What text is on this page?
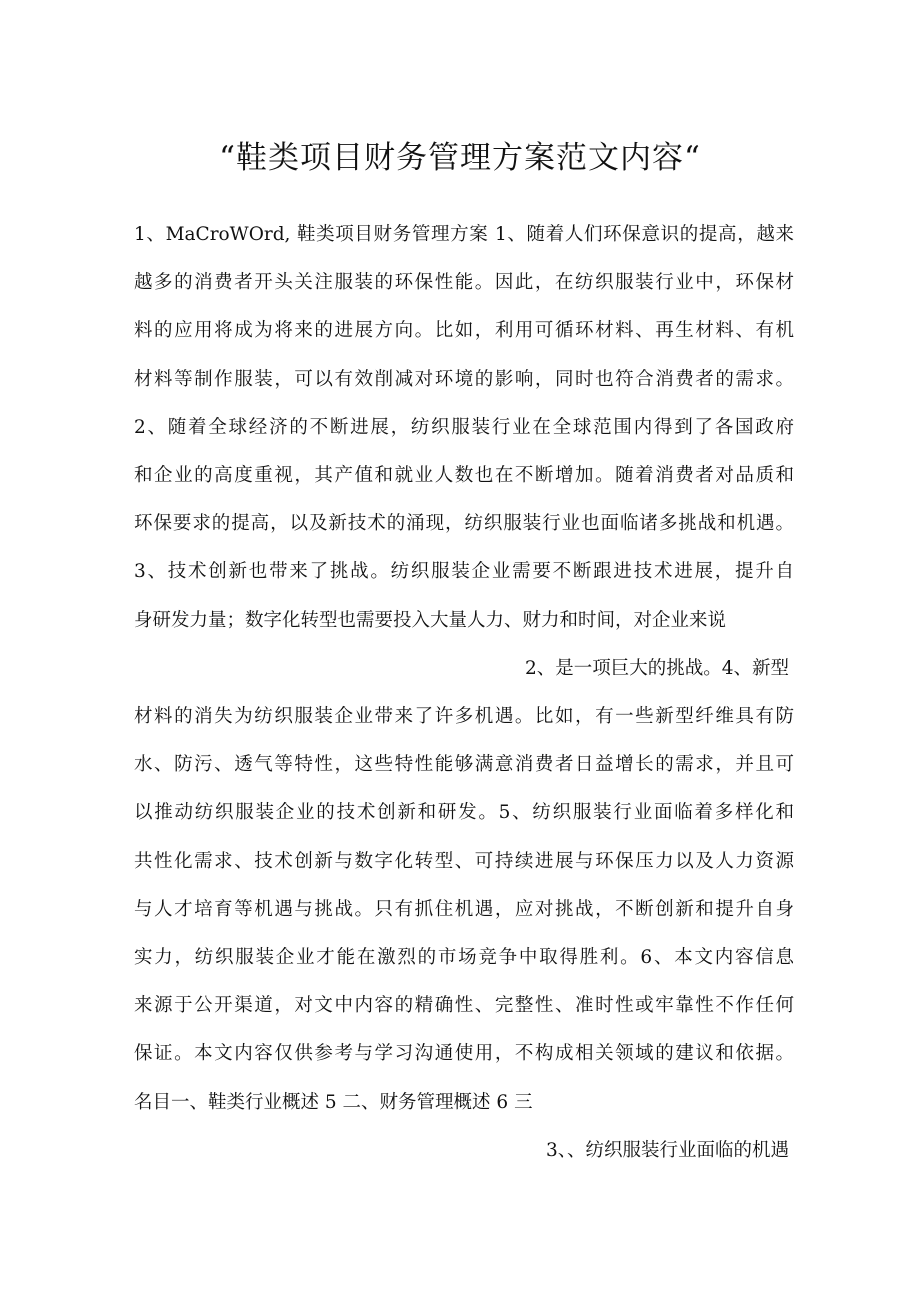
“鞋类项目财务管理方案范文内容“
1、MaCroWOrd, 鞋类项目财务管理方案 1、随着人们环保意识的提高，越来
越多的消费者开头关注服装的环保性能。因此，在纺织服装行业中，环保材
料的应用将成为将来的进展方向。比如，利用可循环材料、再生材料、有机
材料等制作服装，可以有效削减对环境的影响，同时也符合消费者的需求。
2、随着全球经济的不断进展，纺织服装行业在全球范围内得到了各国政府
和企业的高度重视，其产值和就业人数也在不断增加。随着消费者对品质和
环保要求的提高，以及新技术的涌现，纺织服装行业也面临诸多挑战和机遇。
3、技术创新也带来了挑战。纺织服装企业需要不断跟进技术进展，提升自
身研发力量；数字化转型也需要投入大量人力、财力和时间，对企业来说
2、是一项巨大的挑战。4、新型
材料的消失为纺织服装企业带来了许多机遇。比如，有一些新型纤维具有防
水、防污、透气等特性，这些特性能够满意消费者日益增长的需求，并且可
以推动纺织服装企业的技术创新和研发。5、纺织服装行业面临着多样化和
共性化需求、技术创新与数字化转型、可持续进展与环保压力以及人力资源
与人才培育等机遇与挑战。只有抓住机遇，应对挑战，不断创新和提升自身
实力，纺织服装企业才能在激烈的市场竞争中取得胜利。6、本文内容信息
来源于公开渠道，对文中内容的精确性、完整性、准时性或牢靠性不作任何
保证。本文内容仅供参考与学习沟通使用，不构成相关领域的建议和依据。
名目一、鞋类行业概述 5 二、财务管理概述 6 三
3、、纺织服装行业面临的机遇
